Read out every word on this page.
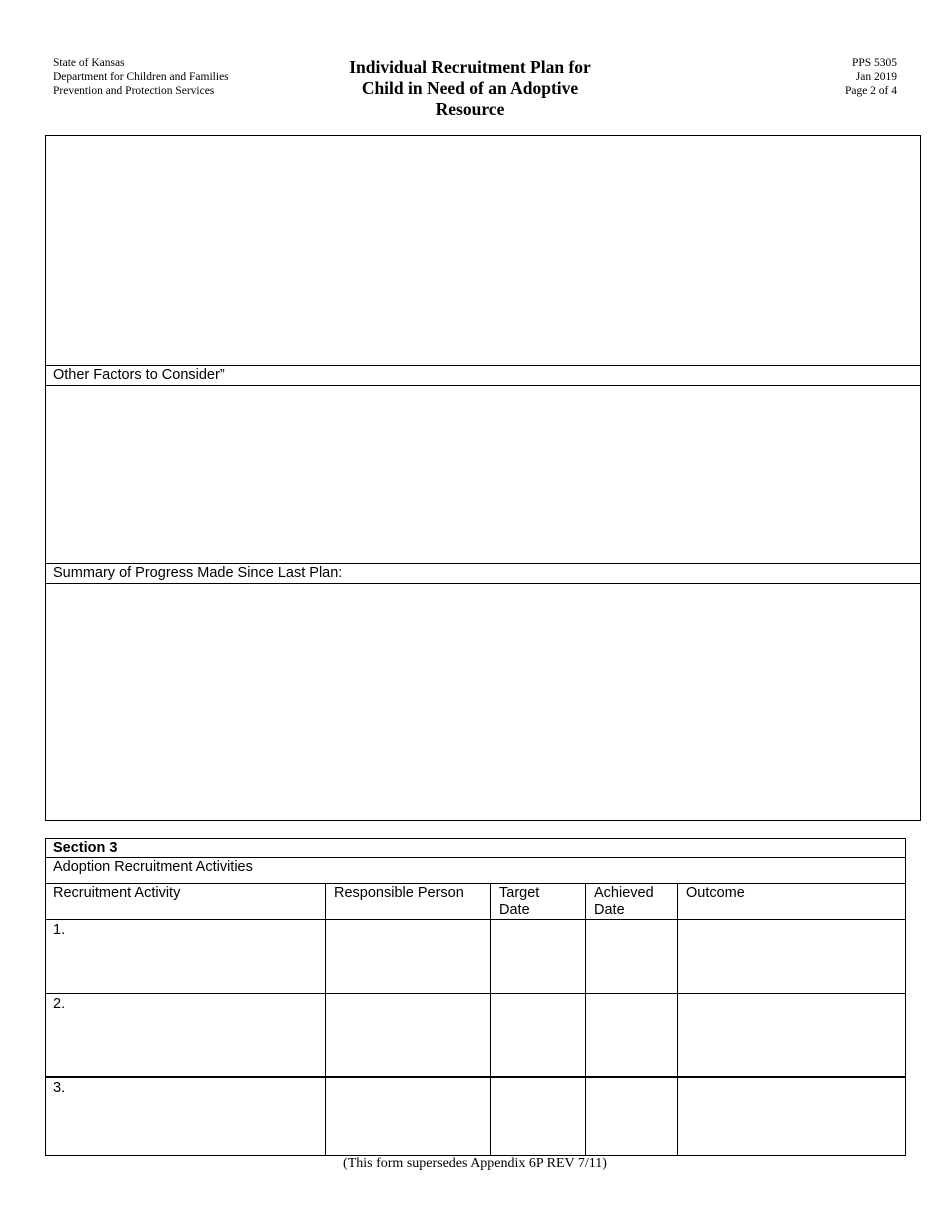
State of Kansas
Department for Children and Families
Prevention and Protection Services
Individual Recruitment Plan for
Child in Need of an Adoptive
Resource
PPS 5305
Jan 2019
Page 2 of 4
Other Factors to Consider”
Summary of Progress Made Since Last Plan:
Section 3
Adoption Recruitment Activities
Recruitment Activity	Responsible Person Target
Date
Achieved
Date
Outcome
1.
2.
3.
(This form supersedes Appendix 6P REV 7/11)
